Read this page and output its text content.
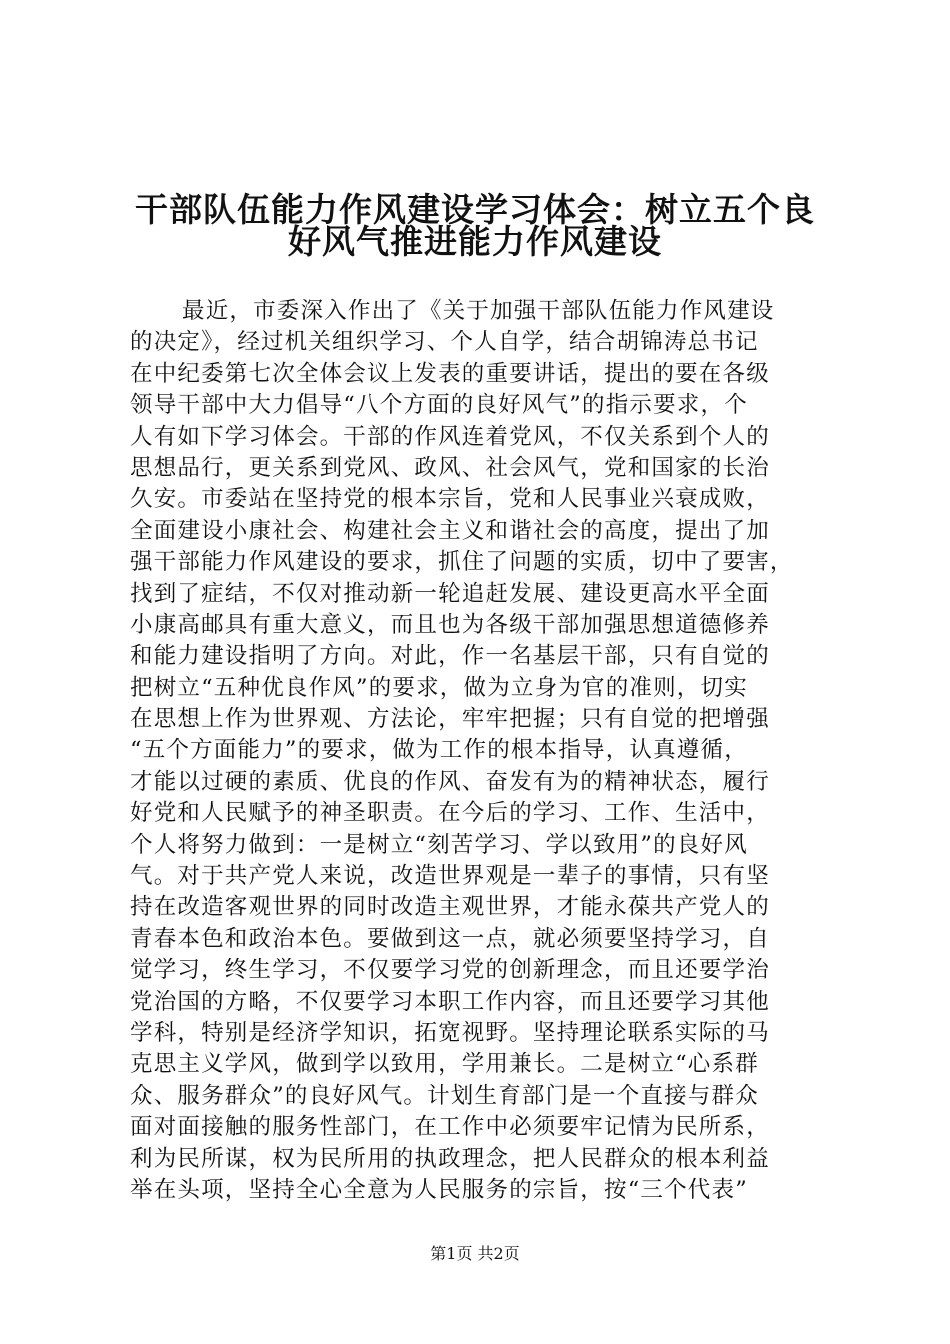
干部队伍能力作风建设学习体会：树立五个良
好风气推进能力作风建设
最近，市委深入作出了《关于加强干部队伍能力作风建设
的决定》，经过机关组织学习、个人自学，结合胡锦涛总书记
在中纪委第七次全体会议上发表的重要讲话，提出的要在各级
领导干部中大力倡导“八个方面的良好风气”的指示要求，个
人有如下学习体会。干部的作风连着党风，不仅关系到个人的
思想品行，更关系到党风、政风、社会风气，党和国家的长治
久安。市委站在坚持党的根本宗旨，党和人民事业兴衰成败，
全面建设小康社会、构建社会主义和谐社会的高度，提出了加
强干部能力作风建设的要求，抓住了问题的实质，切中了要害，
找到了症结，不仅对推动新一轮追赶发展、建设更高水平全面
小康高邮具有重大意义，而且也为各级干部加强思想道德修养
和能力建设指明了方向。对此，作一名基层干部，只有自觉的
把树立“五种优良作风”的要求，做为立身为官的准则，切实
在思想上作为世界观、方法论，牢牢把握；只有自觉的把增强
“五个方面能力”的要求，做为工作的根本指导，认真遵循，
才能以过硬的素质、优良的作风、奋发有为的精神状态，履行
好党和人民赋予的神圣职责。在今后的学习、工作、生活中，
个人将努力做到：一是树立“刻苦学习、学以致用”的良好风
气。对于共产党人来说，改造世界观是一辈子的事情，只有坚
持在改造客观世界的同时改造主观世界，才能永葆共产党人的
青春本色和政治本色。要做到这一点，就必须要坚持学习，自
觉学习，终生学习，不仅要学习党的创新理念，而且还要学治
党治国的方略，不仅要学习本职工作内容，而且还要学习其他
学科，特别是经济学知识，拓宽视野。坚持理论联系实际的马
克思主义学风，做到学以致用，学用兼长。二是树立“心系群
众、服务群众”的良好风气。计划生育部门是一个直接与群众
面对面接触的服务性部门，在工作中必须要牢记情为民所系，
利为民所谋，权为民所用的执政理念，把人民群众的根本利益
举在头项，坚持全心全意为人民服务的宗旨，按“三个代表”
第1页 共2页
